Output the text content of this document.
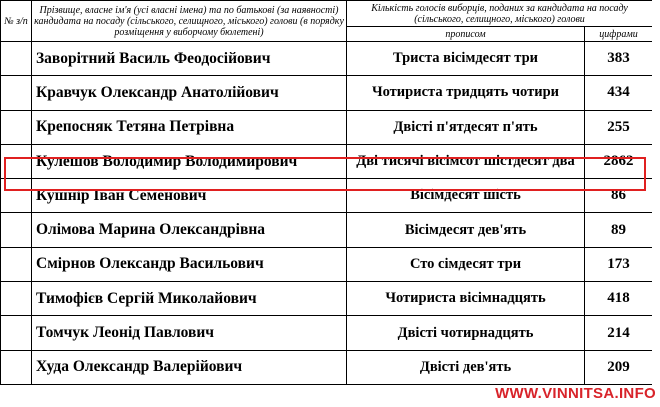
№ з/п	Прізвище, власне ім'я (усі власні імена) та по батькові (за наявності) кандидата на посаду (сільського, селищного, міського) голови (в порядку розміщення у виборчому бюлетені)	Кількість голосів виборців, поданих за кандидата на посаду (сільського, селищного, міського) голови	
		прописом	цифрами
	Заворітний Василь Феодосійович	Триста вісімдесят три	383
	Кравчук Олександр Анатолійович	Чотириста тридцять чотири	434
	Крепосняк Тетяна Петрівна	Двісті п'ятдесят п'ять	255
	Кулешов Володимир Володимирович	Дві тисячі вісімсот шістдесят два	2862
	Кушнір Іван Семенович	Вісімдесят шість	86
	Олімова Марина Олександрівна	Вісімдесят дев'ять	89
	Смірнов Олександр Васильович	Сто сімдесят три	173
	Тимофієв Сергій Миколайович	Чотириста вісімнадцять	418
	Томчук Леонід Павлович	Двісті чотирнадцять	214
	Худа Олександр Валерійович	Двісті дев'ять	209
WWW.VINNITSA.INFO
